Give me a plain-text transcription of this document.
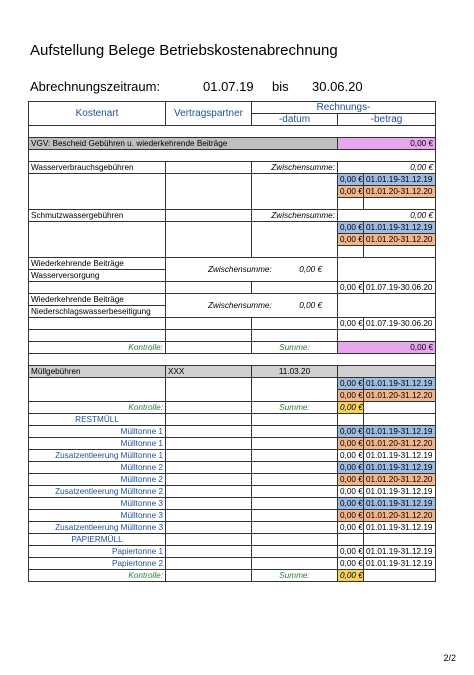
Aufstellung Belege Betriebskostenabrechnung
Abrechnungszeitraum:	01.07.19 bis 30.06.20
Kostenart	Vertragspartner	Rechnungs-		
		-datum	-betrag	

VGV: Bescheid Gebühren u. wiederkehrende Beiträge			0,00 €	

Wasserverbrauchsgebühren		Zwischensumme:	0,00 €	
			0,00 €	01.01.19-31.12.19
			0,00 €	01.01.20-31.12.20

Schmutzwassergebühren		Zwischensumme:	0,00 €	
			0,00 €	01.01.19-31.12.19
			0,00 €	01.01.20-31.12.20

Wiederkehrende Beiträge	Zwischensumme: 0,00 €			
Wasserversorgung				
			0,00 €	01.07.19-30.06.20
Wiederkehrende Beiträge	Zwischensumme: 0,00 €			
Niederschlagswasserbeseitigung				
			0,00 €	01.07.19-30.06.20

Kontrolle:		Summe:	0,00 €	

Müllgebühren	XXX	11.03.20		
			0,00 €	01.01.19-31.12.19
			0,00 €	01.01.20-31.12.20
Kontrolle:		Summe:	0,00 €	
RESTMÜLL				
Mülltonne 1			0,00 €	01.01.19-31.12.19
Mülltonne 1			0,00 €	01.01.20-31.12.20
Zusatzentleerung Mülltonne 1			0,00 €	01.01.19-31.12.19
Mülltonne 2			0,00 €	01.01.19-31.12.19
Mülltonne 2			0,00 €	01.01.20-31.12.20
Zusatzentleerung Mülltonne 2			0,00 €	01.01.19-31.12.19
Mülltonne 3			0,00 €	01.01.19-31.12.19
Mülltonne 3			0,00 €	01.01.20-31.12.20
Zusatzentleerung Mülltonne 3			0,00 €	01.01.19-31.12.19
PAPIERMÜLL				
Papiertonne 1			0,00 €	01.01.19-31.12.19
Papiertonne 2			0,00 €	01.01.19-31.12.19
Kontrolle:		Summe:	0,00 €	
2/2
